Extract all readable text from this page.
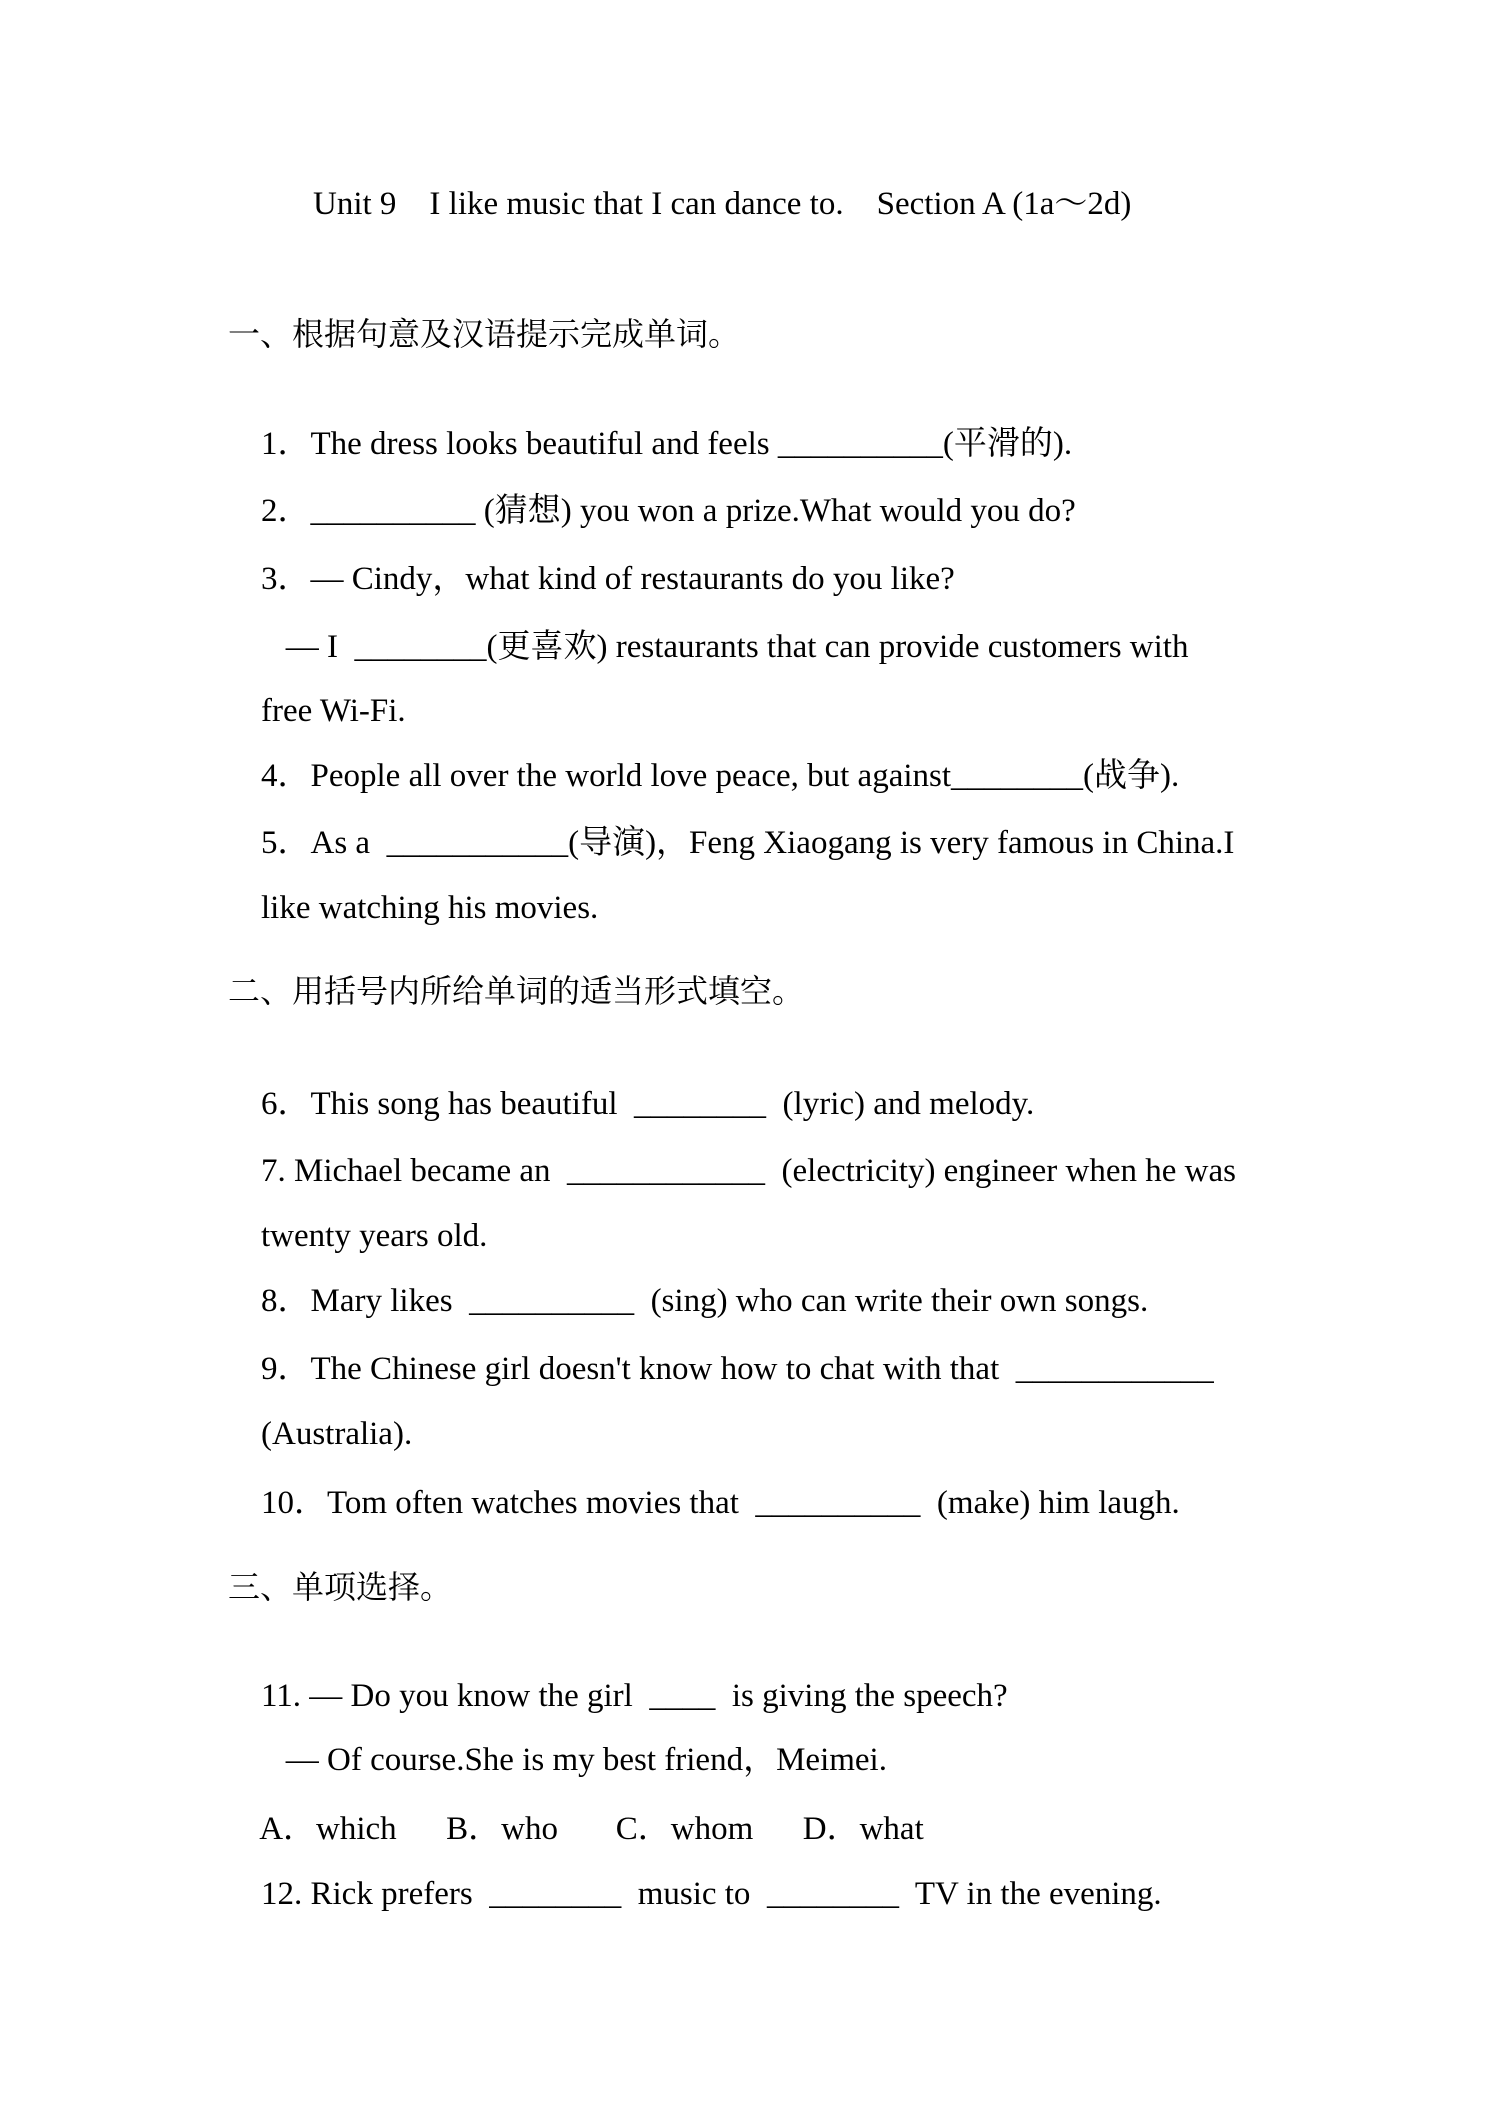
Unit 9    I like music that I can dance to.    Section A (1a～2d)
一、根据句意及汉语提示完成单词。

1．The dress looks beautiful and feels __________(平滑的).

2．__________ (猜想) you won a prize.What would you do?

3．— Cindy，what kind of restaurants do you like?

— I  ________(更喜欢) restaurants that can provide customers with

free Wi-Fi.

4．People all over the world love peace, but against________(战争).

5．As a  ___________(导演)，Feng Xiaogang is very famous in China.I

like watching his movies.

二、用括号内所给单词的适当形式填空。

6．This song has beautiful  ________  (lyric) and melody.

7. Michael became an  ____________  (electricity) engineer when he was

twenty years old.

8．Mary likes  __________  (sing) who can write their own songs.

9．The Chinese girl doesn't know how to chat with that  ____________

(Australia).

10．Tom often watches movies that  __________  (make) him laugh.

三、单项选择。

11. — Do you know the girl  ____  is giving the speech?

— Of course.She is my best friend，Meimei.

A．which      B．who       C．whom      D．what

12. Rick prefers  ________  music to  ________  TV in the evening.
